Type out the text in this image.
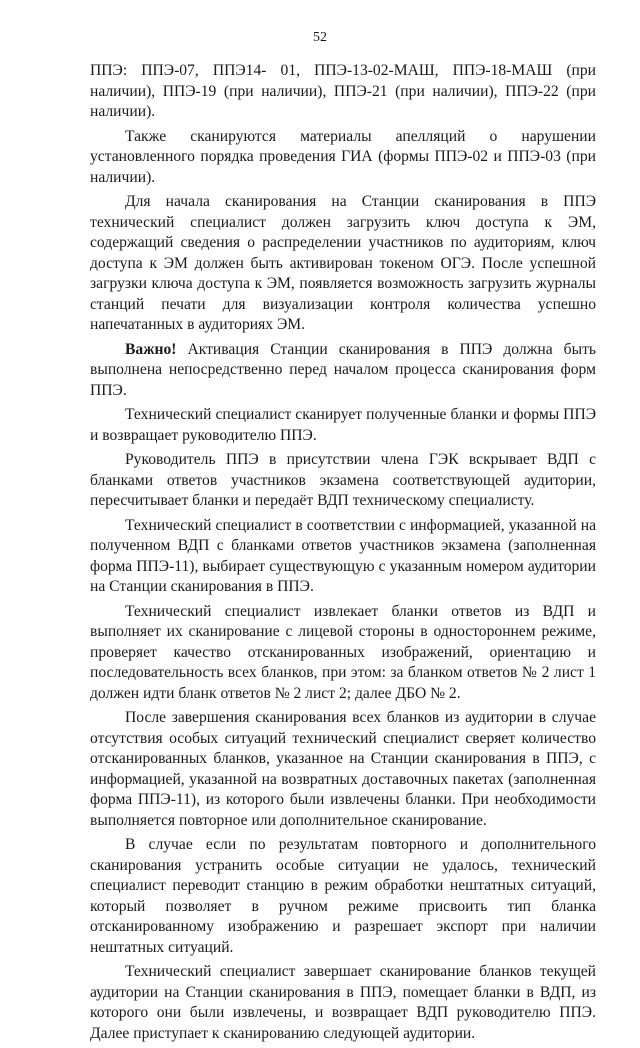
52

ППЭ: ППЭ-07, ППЭ14- 01, ППЭ-13-02-МАШ, ППЭ-18-МАШ (при наличии), ППЭ-19 (при наличии), ППЭ-21 (при наличии), ППЭ-22 (при наличии).

Также сканируются материалы апелляций о нарушении установленного порядка проведения ГИА (формы ППЭ-02 и ППЭ-03 (при наличии).

Для начала сканирования на Станции сканирования в ППЭ технический специалист должен загрузить ключ доступа к ЭМ, содержащий сведения о распределении участников по аудиториям, ключ доступа к ЭМ должен быть активирован токеном ОГЭ. После успешной загрузки ключа доступа к ЭМ, появляется возможность загрузить журналы станций печати для визуализации контроля количества успешно напечатанных в аудиториях ЭМ.

Важно! Активация Станции сканирования в ППЭ должна быть выполнена непосредственно перед началом процесса сканирования форм ППЭ.

Технический специалист сканирует полученные бланки и формы ППЭ и возвращает руководителю ППЭ.

Руководитель ППЭ в присутствии члена ГЭК вскрывает ВДП с бланками ответов участников экзамена соответствующей аудитории, пересчитывает бланки и передаёт ВДП техническому специалисту.

Технический специалист в соответствии с информацией, указанной на полученном ВДП с бланками ответов участников экзамена (заполненная форма ППЭ-11), выбирает существующую с указанным номером аудитории на Станции сканирования в ППЭ.

Технический специалист извлекает бланки ответов из ВДП и выполняет их сканирование с лицевой стороны в одностороннем режиме, проверяет качество отсканированных изображений, ориентацию и последовательность всех бланков, при этом: за бланком ответов № 2 лист 1 должен идти бланк ответов № 2 лист 2; далее ДБО № 2.

После завершения сканирования всех бланков из аудитории в случае отсутствия особых ситуаций технический специалист сверяет количество отсканированных бланков, указанное на Станции сканирования в ППЭ, с информацией, указанной на возвратных доставочных пакетах (заполненная форма ППЭ-11), из которого были извлечены бланки. При необходимости выполняется повторное или дополнительное сканирование.

В случае если по результатам повторного и дополнительного сканирования устранить особые ситуации не удалось, технический специалист переводит станцию в режим обработки нештатных ситуаций, который позволяет в ручном режиме присвоить тип бланка отсканированному изображению и разрешает экспорт при наличии нештатных ситуаций.

Технический специалист завершает сканирование бланков текущей аудитории на Станции сканирования в ППЭ, помещает бланки в ВДП, из которого они были извлечены, и возвращает ВДП руководителю ППЭ. Далее приступает к сканированию следующей аудитории.
